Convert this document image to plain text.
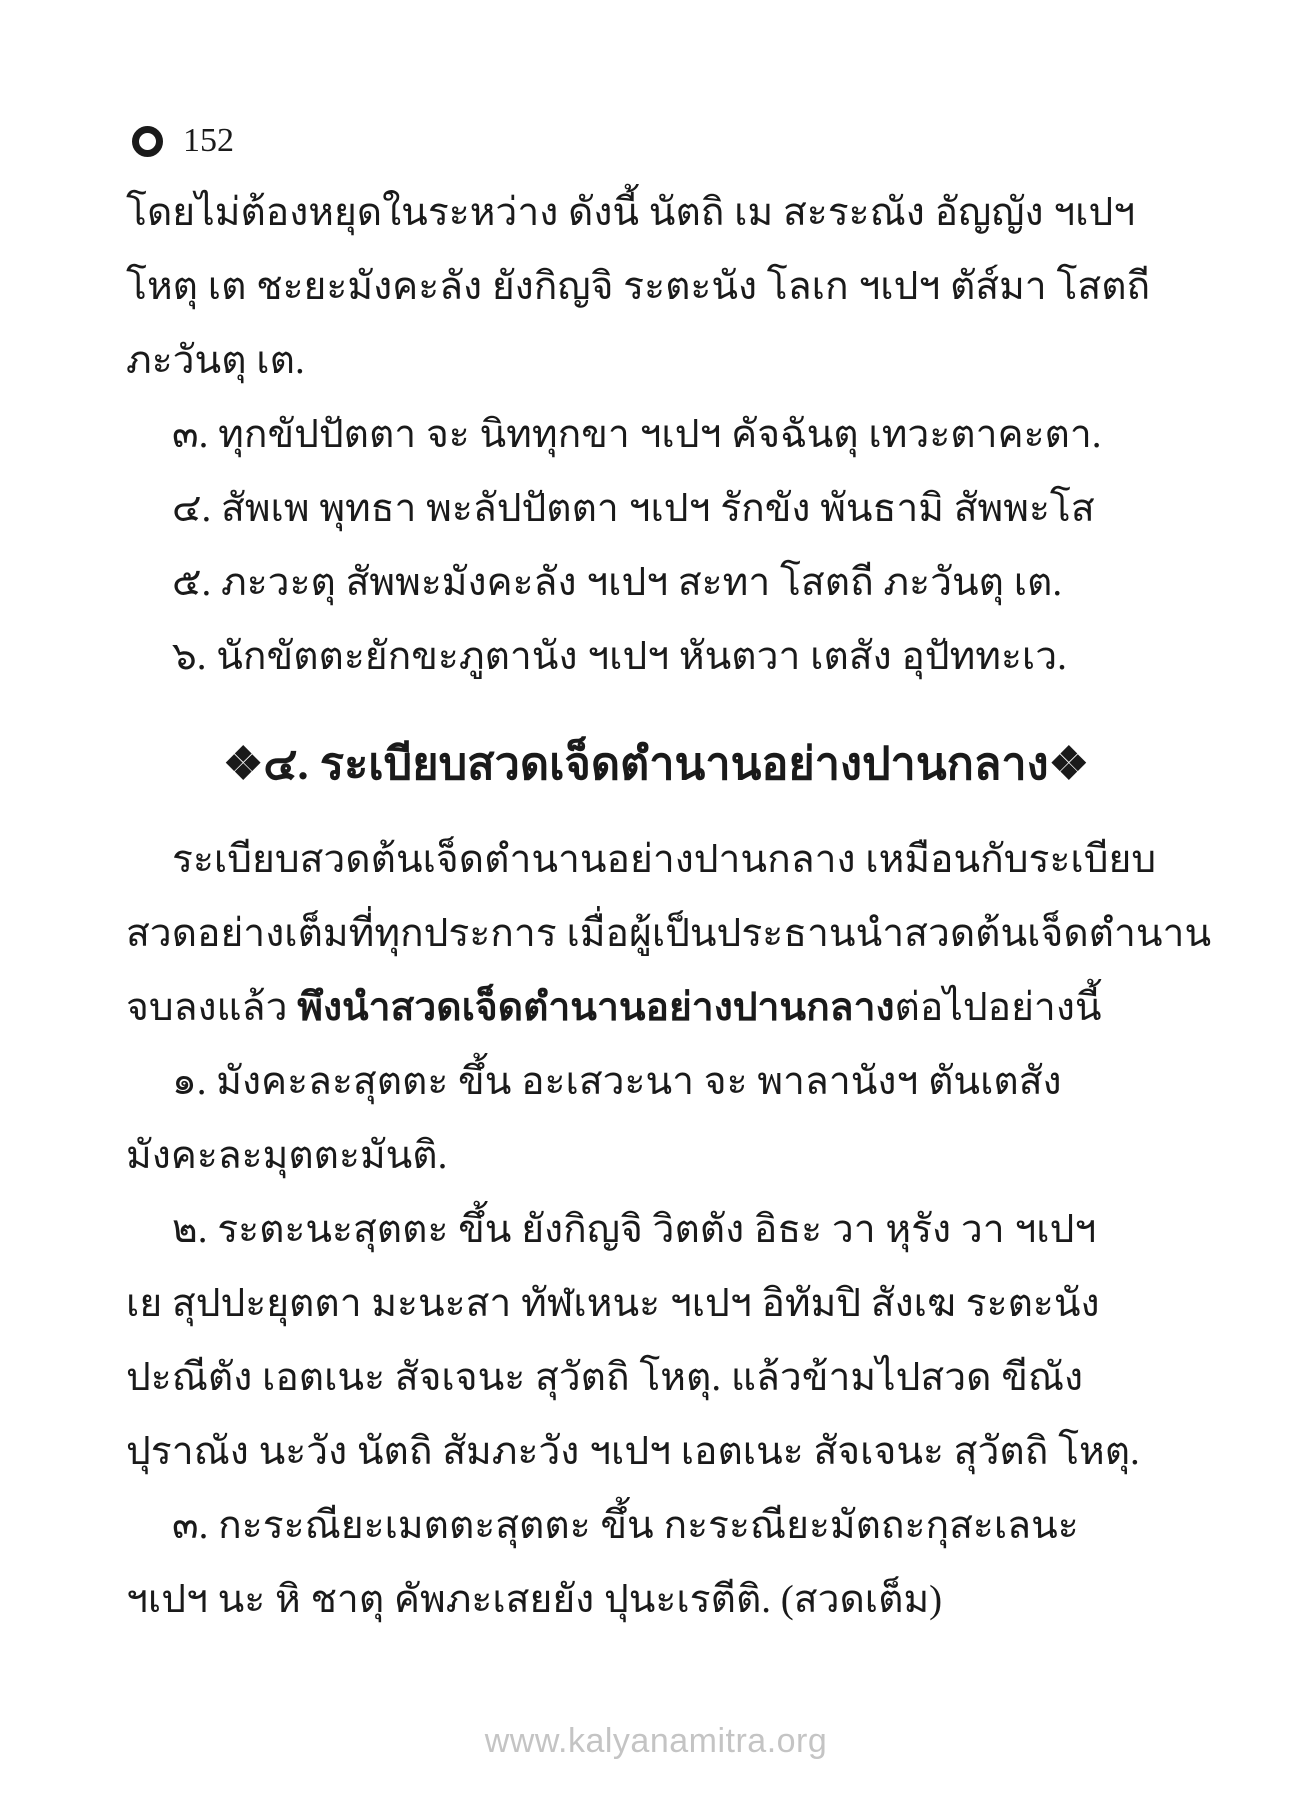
152
โดยไม่ต้องหยุดในระหว่าง ดังนี้ นัตถิ เม สะระณัง อัญญัง ฯเปฯ
โหตุ เต ชะยะมังคะลัง ยังกิญจิ ระตะนัง โลเก ฯเปฯ ตัส์มา โสตถี
ภะวันตุ เต.
๓. ทุกขัปปัตตา จะ นิททุกขา ฯเปฯ คัจฉันตุ เทวะตาคะตา.
๔. สัพเพ พุทธา พะลัปปัตตา ฯเปฯ รักขัง พันธามิ สัพพะโส
๕. ภะวะตุ สัพพะมังคะลัง ฯเปฯ สะทา โสตถี ภะวันตุ เต.
๖. นักขัตตะยักขะภูตานัง ฯเปฯ หันตวา เตสัง อุปัททะเว.
❖๔. ระเบียบสวดเจ็ดตำนานอย่างปานกลาง❖
ระเบียบสวดต้นเจ็ดตำนานอย่างปานกลาง เหมือนกับระเบียบ
สวดอย่างเต็มที่ทุกประการ เมื่อผู้เป็นประธานนำสวดต้นเจ็ดตำนาน
จบลงแล้ว พึงนำสวดเจ็ดตำนานอย่างปานกลางต่อไปอย่างนี้
๑. มังคะละสุตตะ ขึ้น อะเสวะนา จะ พาลานังฯ ตันเตสัง
มังคะละมุตตะมันติ.
๒. ระตะนะสุตตะ ขึ้น ยังกิญจิ วิตตัง อิธะ วา หุรัง วา ฯเปฯ
เย สุปปะยุตตา มะนะสา ทัฬเหนะ ฯเปฯ อิทัมปิ สังเฆ ระตะนัง
ปะณีตัง เอตเนะ สัจเจนะ สุวัตถิ โหตุ. แล้วข้ามไปสวด ขีณัง
ปุราณัง นะวัง นัตถิ สัมภะวัง ฯเปฯ เอตเนะ สัจเจนะ สุวัตถิ โหตุ.
๓. กะระณียะเมตตะสุตตะ ขึ้น กะระณียะมัตถะกุสะเลนะ
ฯเปฯ นะ หิ ชาตุ คัพภะเสยยัง ปุนะเรตีติ. (สวดเต็ม)
www.kalyanamitra.org
